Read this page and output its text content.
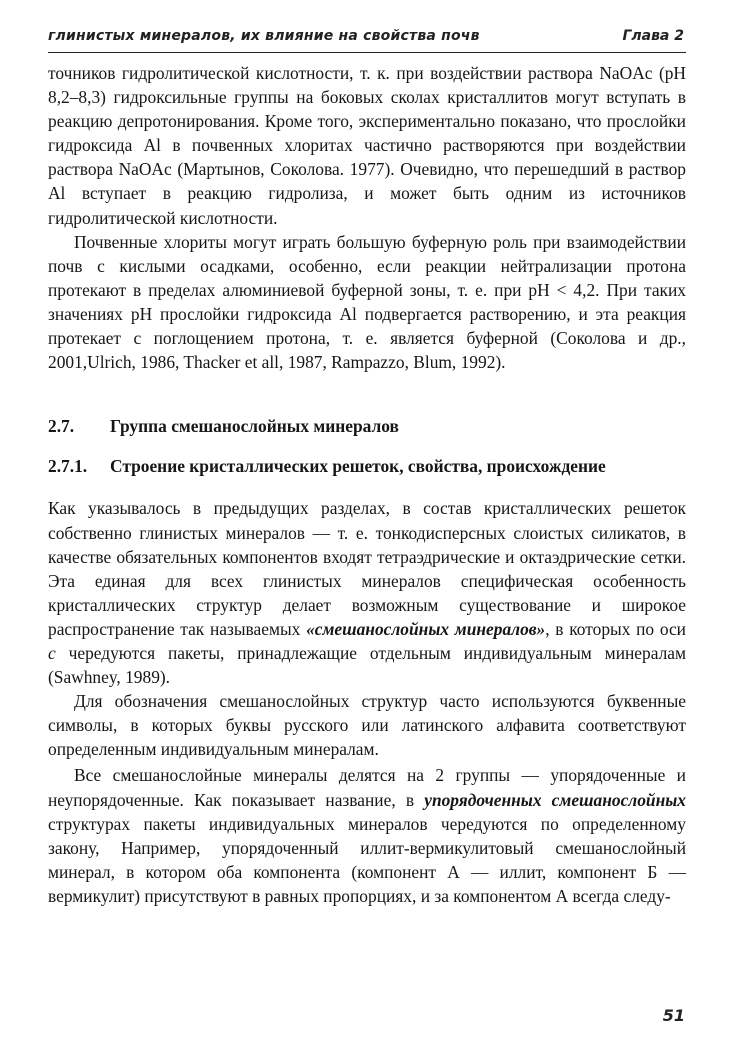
глинистых минералов, их влияние на свойства почв	Глава 2

точников гидролитической кислотности, т. к. при воздействии раствора NaOAc (pH 8,2–8,3) гидроксильные группы на боковых сколах кристаллитов могут вступать в реакцию депротонирования. Кроме того, экспериментально показано, что прослойки гидроксида Al в почвенных хлоритах частично растворяются при воздействии раствора NaOAc (Мартынов, Соколова. 1977). Очевидно, что перешедший в раствор Al вступает в реакцию гидролиза, и может быть одним из источников гидролитической кислотности.

Почвенные хлориты могут играть большую буферную роль при взаимодействии почв с кислыми осадками, особенно, если реакции нейтрализации протона протекают в пределах алюминиевой буферной зоны, т. е. при pH < 4,2. При таких значениях pH прослойки гидроксида Al подвергается растворению, и эта реакция протекает с поглощением протона, т. е. является буферной (Соколова и др., 2001,Ulrich, 1986, Thacker et all, 1987, Rampazzo, Blum, 1992).

2.7.	Группа смешанослойных минералов
2.7.1.	Строение кристаллических решеток, свойства, происхождение

Как указывалось в предыдущих разделах, в состав кристаллических решеток собственно глинистых минералов — т. е. тонкодисперсных слоистых силикатов, в качестве обязательных компонентов входят тетраэдрические и октаэдрические сетки. Эта единая для всех глинистых минералов специфическая особенность кристаллических структур делает возможным существование и широкое распространение так называемых «смешанослойных минералов», в которых по оси c чередуются пакеты, принадлежащие отдельным индивидуальным минералам (Sawhney, 1989).

Для обозначения смешанослойных структур часто используются буквенные символы, в которых буквы русского или латинского алфавита соответствуют определенным индивидуальным минералам.

Все смешанослойные минералы делятся на 2 группы — упорядоченные и неупорядоченные. Как показывает название, в упорядоченных смешанослойных структурах пакеты индивидуальных минералов чередуются по определенному закону, Например, упорядоченный иллит-вермикулитовый смешанослойный минерал, в котором оба компонента (компонент А — иллит, компонент Б — вермикулит) присутствуют в равных пропорциях, и за компонентом А всегда следу-

51
